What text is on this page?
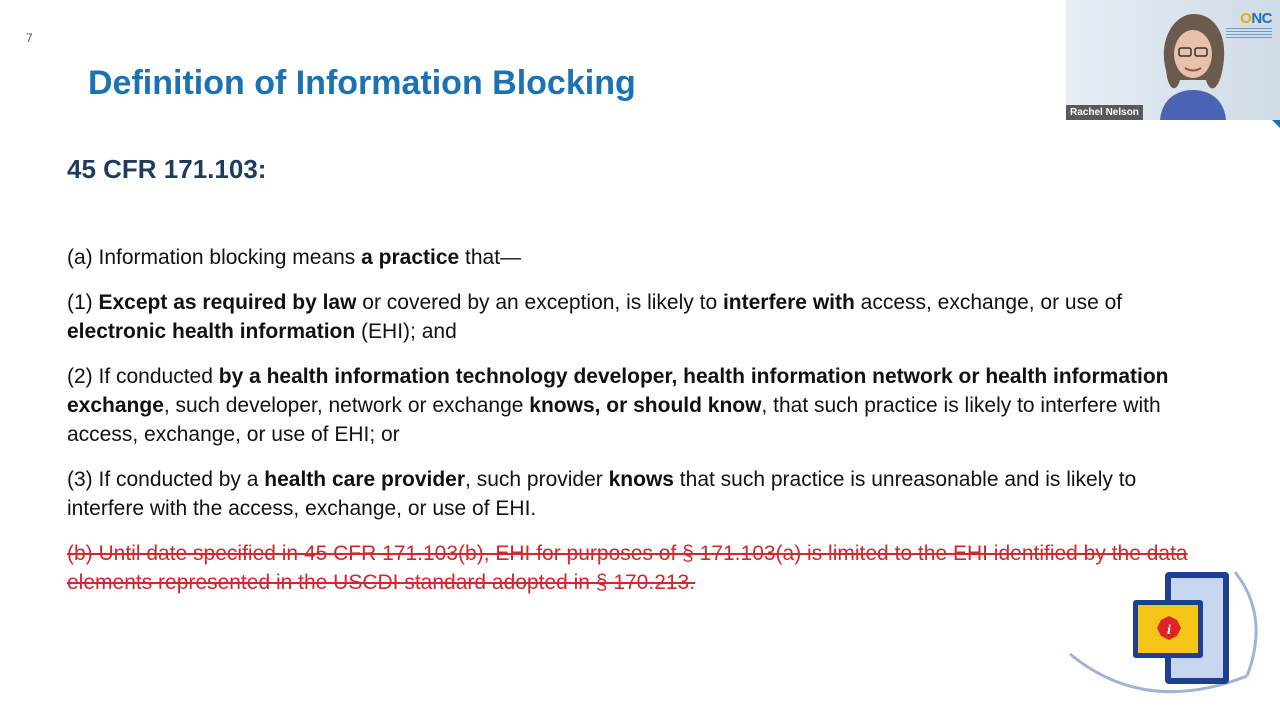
7
Definition of Information Blocking
45 CFR 171.103:

(a) Information blocking means a practice that—

(1) Except as required by law or covered by an exception, is likely to interfere with access, exchange, or use of electronic health information (EHI); and

(2) If conducted by a health information technology developer, health information network or health information exchange, such developer, network or exchange knows, or should know, that such practice is likely to interfere with access, exchange, or use of EHI; or

(3) If conducted by a health care provider, such provider knows that such practice is unreasonable and is likely to interfere with the access, exchange, or use of EHI.

(b) Until date specified in 45 CFR 171.103(b), EHI for purposes of § 171.103(a) is limited to the EHI identified by the data elements represented in the USCDI standard adopted in § 170.213.

ONC
Rachel Nelson
i
